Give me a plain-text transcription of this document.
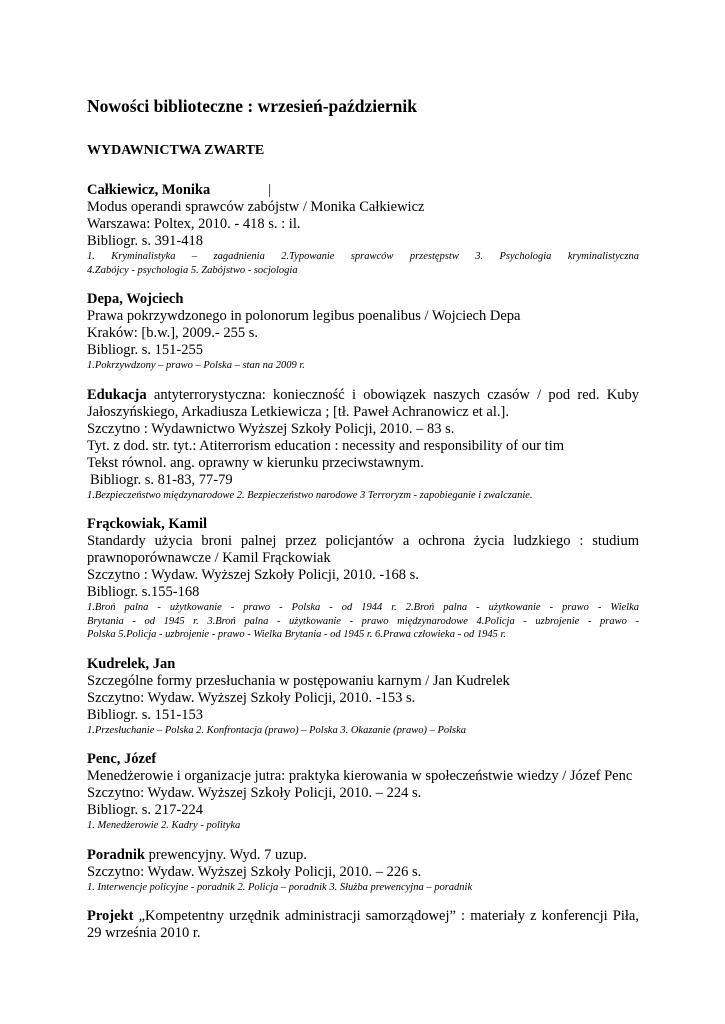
Nowości biblioteczne : wrzesień-październik
WYDAWNICTWA ZWARTE
Całkiewicz, Monika	|
Modus operandi sprawców zabójstw / Monika Całkiewicz
Warszawa: Poltex, 2010. - 418 s. : il.
Bibliogr. s. 391-418
1. Kryminalistyka – zagadnienia 2.Typowanie sprawców przestępstw 3. Psychologia kryminalistyczna
4.Zabójcy - psychologia 5. Zabójstwo - socjologia
Depa, Wojciech
Prawa pokrzywdzonego in polonorum legibus poenalibus / Wojciech Depa
Kraków: [b.w.], 2009.- 255 s.
Bibliogr. s. 151-255
1.Pokrzywdzony – prawo – Polska – stan na 2009 r.
Edukacja antyterrorystyczna: konieczność i obowiązek naszych czasów / pod red. Kuby
Jałoszyńskiego, Arkadiusza Letkiewicza ; [tł. Paweł Achranowicz et al.].
Szczytno : Wydawnictwo Wyższej Szkoły Policji, 2010. – 83 s.
Tyt. z dod. str. tyt.: Atiterrorism education : necessity and responsibility of our tim
Tekst równol. ang. oprawny w kierunku przeciwstawnym.
Bibliogr. s. 81-83, 77-79
1.Bezpieczeństwo międzynarodowe 2. Bezpieczeństwo narodowe 3 Terroryzm - zapobieganie i zwalczanie.
Frąckowiak, Kamil
Standardy użycia broni palnej przez policjantów a ochrona życia ludzkiego : studium
prawnoporównawcze / Kamil Frąckowiak
Szczytno : Wydaw. Wyższej Szkoły Policji, 2010. -168 s.
Bibliogr. s.155-168
1.Broń palna - użytkowanie - prawo - Polska - od 1944 r. 2.Broń palna - użytkowanie - prawo - Wielka
Brytania - od 1945 r. 3.Broń palna - użytkowanie - prawo międzynarodowe 4.Policja - uzbrojenie - prawo -
Polska 5.Policja - uzbrojenie - prawo - Wielka Brytania - od 1945 r. 6.Prawa człowieka - od 1945 r.
Kudrelek, Jan
Szczególne formy przesłuchania w postępowaniu karnym / Jan Kudrelek
Szczytno: Wydaw. Wyższej Szkoły Policji, 2010. -153 s.
Bibliogr. s. 151-153
1.Przesłuchanie – Polska 2. Konfrontacja (prawo) – Polska 3. Okazanie (prawo) – Polska
Penc, Józef
Menedżerowie i organizacje jutra: praktyka kierowania w społeczeństwie wiedzy / Józef Penc
Szczytno: Wydaw. Wyższej Szkoły Policji, 2010. – 224 s.
Bibliogr. s. 217-224
1. Menedżerowie 2. Kadry - polityka
Poradnik prewencyjny. Wyd. 7 uzup.
Szczytno: Wydaw. Wyższej Szkoły Policji, 2010. – 226 s.
1. Interwencje policyjne - poradnik 2. Policja – poradnik 3. Służba prewencyjna – poradnik
Projekt „Kompetentny urzędnik administracji samorządowej” : materiały z konferencji Piła,
29 września 2010 r.
